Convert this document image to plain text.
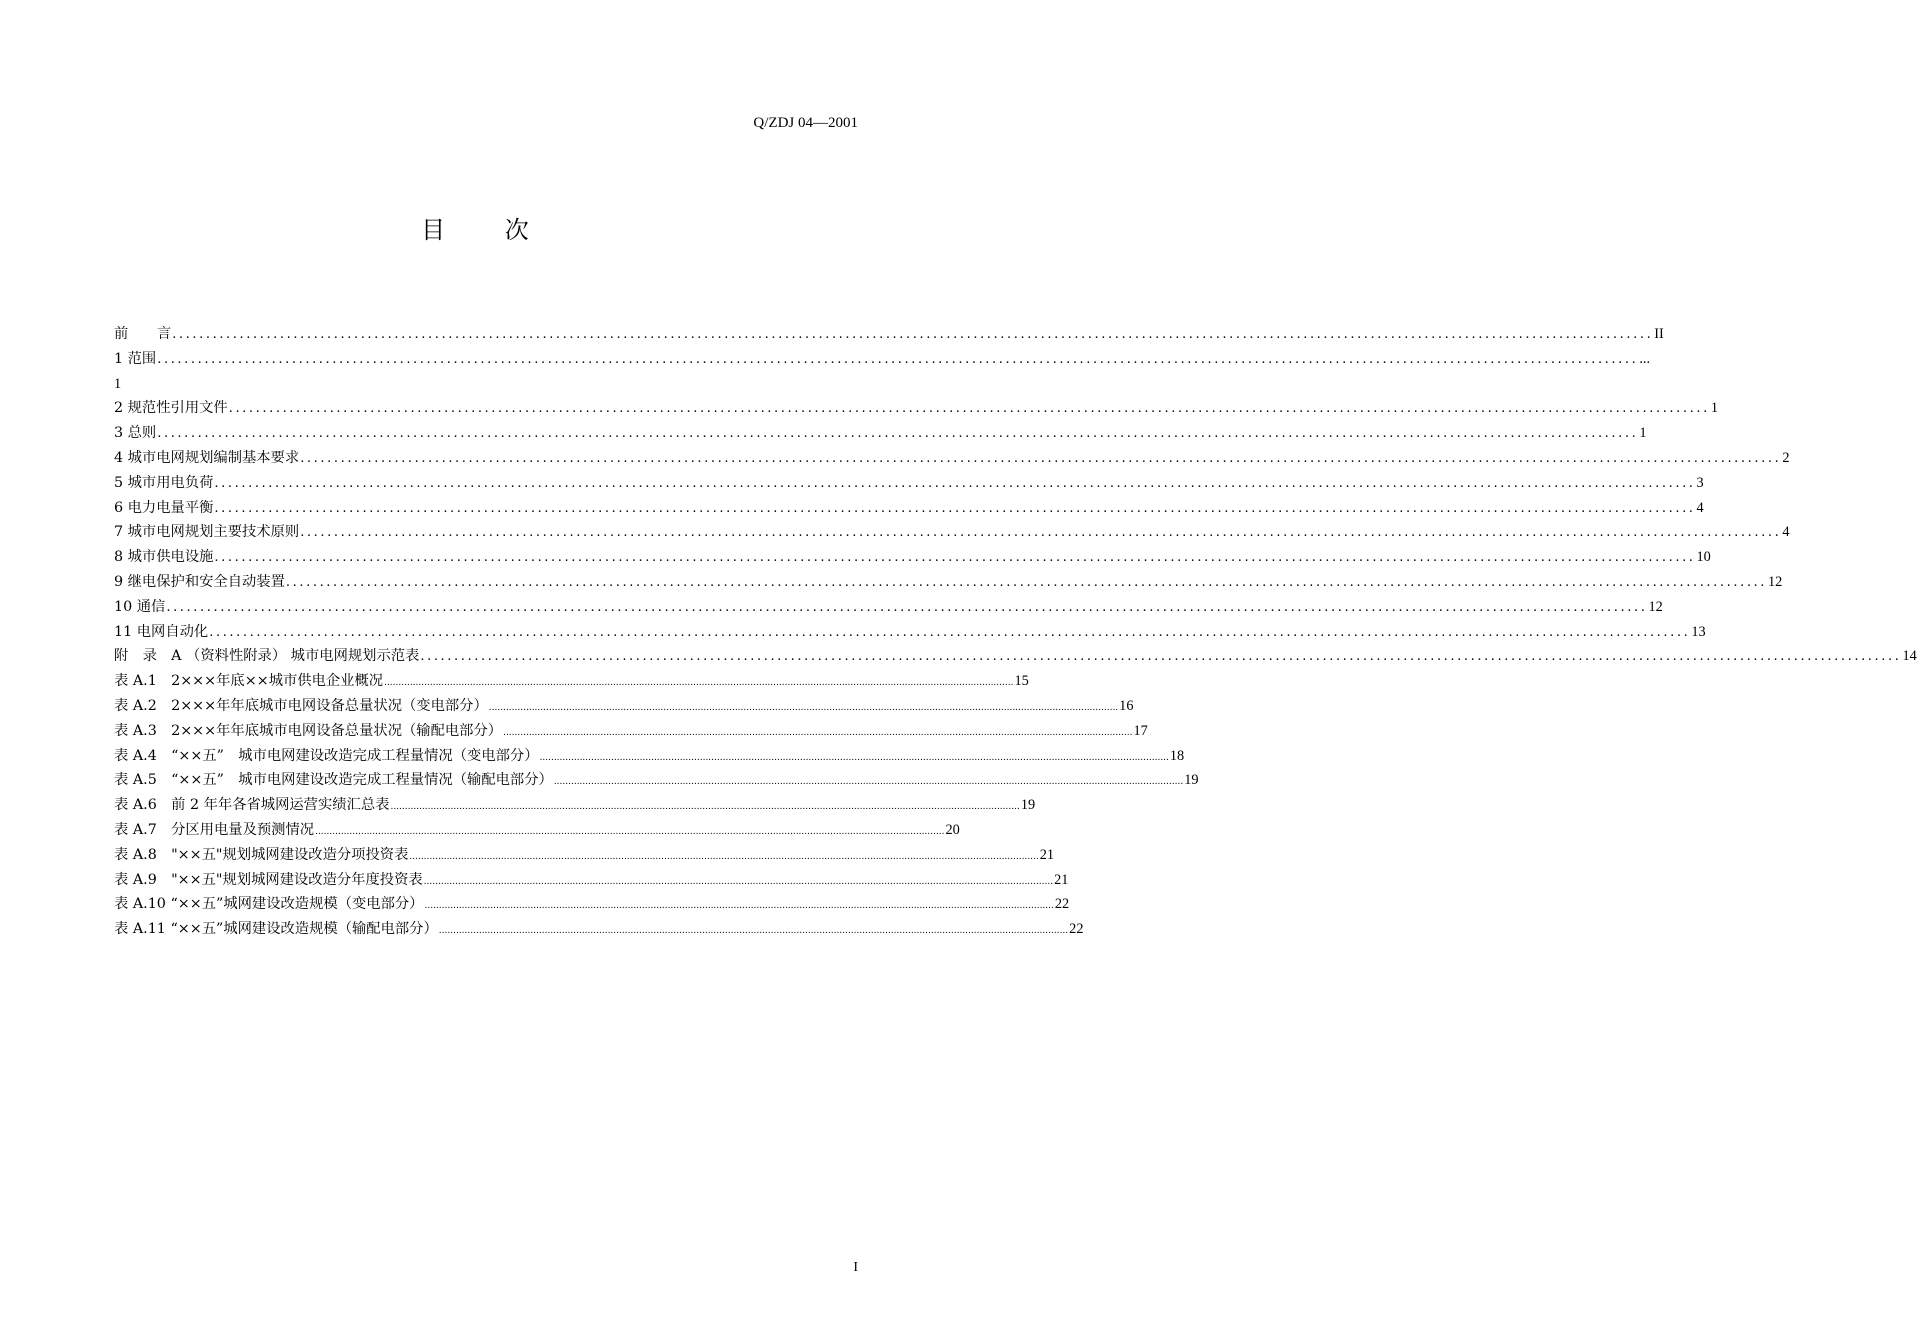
Q/ZDJ 04—2001
目 次
前　　言 ............................................................................................................................................................................................................................ II
1 范围 ............................................................................................................................................................................................................................ ...
1
2 规范性引用文件 ............................................................................................................................................................................................................................ 1
3 总则 ............................................................................................................................................................................................................................ 1
4 城市电网规划编制基本要求 ............................................................................................................................................................................................................................ 2
5 城市用电负荷 ............................................................................................................................................................................................................................ 3
6 电力电量平衡 ............................................................................................................................................................................................................................ 4
7 城市电网规划主要技术原则 ............................................................................................................................................................................................................................ 4
8 城市供电设施 ............................................................................................................................................................................................................................ 10
9 继电保护和安全自动装置 ............................................................................................................................................................................................................................ 12
10 通信 ............................................................................................................................................................................................................................ 12
11 电网自动化 ............................................................................................................................................................................................................................ 13
附　录　A （资料性附录） 城市电网规划示范表 ............................................................................................................................................................................................................................ 14
表 A.1　2×××年底××城市供电企业概况 ............................................................................................................................................................................................................................ 15
表 A.2　2×××年年底城市电网设备总量状况（变电部分） ............................................................................................................................................................................................................................ 16
表 A.3　2×××年年底城市电网设备总量状况（输配电部分） ............................................................................................................................................................................................................................ 17
表 A.4　“××五”　城市电网建设改造完成工程量情况（变电部分） ............................................................................................................................................................................................................................ 18
表 A.5　“××五”　城市电网建设改造完成工程量情况（输配电部分） ............................................................................................................................................................................................................................ 19
表 A.6　前 2 年年各省城网运营实绩汇总表 ............................................................................................................................................................................................................................ 19
表 A.7　分区用电量及预测情况 ............................................................................................................................................................................................................................ 20
表 A.8　"××五"规划城网建设改造分项投资表 ............................................................................................................................................................................................................................ 21
表 A.9　"××五"规划城网建设改造分年度投资表 ............................................................................................................................................................................................................................ 21
表 A.10 “××五”城网建设改造规模（变电部分） ............................................................................................................................................................................................................................ 22
表 A.11 “××五”城网建设改造规模（输配电部分） ............................................................................................................................................................................................................................ 22
I
